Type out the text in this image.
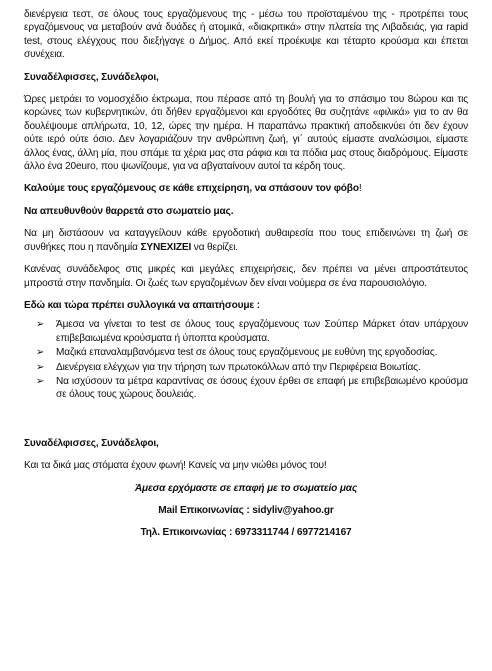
διενέργεια τεστ, σε όλους τους εργαζόμενους της - μέσω του προϊσταμένου της - προτρέπει τους εργαζόμενους να μεταβούν ανά δυάδες ή ατομικά, «διακριτικά» στην πλατεία της Λιβαδειάς, για rapid test, στους ελέγχους που διεξήγαγε ο Δήμος. Από εκεί προέκυψε και τέταρτο κρούσμα και έπεται συνέχεια.

Συναδέλφισσες, Συνάδελφοι,

Ώρες μετράει το νομοσχέδιο έκτρωμα, που πέρασε από τη βουλή για το σπάσιμο του 8ώρου και τις κορώνες των κυβερνητικών, ότι δήθεν εργαζόμενοι και εργοδότες θα συζητάνε «φιλικά» για το αν θα δουλέψουμε απλήρωτα, 10, 12, ώρες την ημέρα. Η παραπάνω πρακτική αποδεικνύει ότι δεν έχουν ούτε ιερό ούτε όσιο. Δεν λογαριάζουν την ανθρώπινη ζωή, γι΄ αυτούς είμαστε αναλώσιμοι, είμαστε άλλος ένας, άλλη μία, που σπάμε τα χέρια μας στα ράφια και τα πόδια μας στους διαδρόμους. Είμαστε άλλο ένα 20euro, που ψωνίζουμε, για να αβγαταίνουν αυτοί τα κέρδη τους.

Καλούμε τους εργαζόμενους σε κάθε επιχείρηση, να σπάσουν τον φόβο!

Να απευθυνθούν θαρρετά στο σωματείο μας.

Να μη διστάσουν να καταγγείλουν κάθε εργοδοτική αυθαιρεσία που τους επιδεινώνει τη ζωή σε συνθήκες που η πανδημία ΣΥΝΕΧΙΖΕΙ να θερίζει.

Κανένας συνάδελφος στις μικρές και μεγάλες επιχειρήσεις, δεν πρέπει να μένει απροστάτευτος μπροστά στην πανδημία. Οι ζωές των εργαζομένων δεν είναι νούμερα σε ένα παρουσιολόγιο.

Εδώ και τώρα πρέπει συλλογικά να απαιτήσουμε :

➢ Άμεσα να γίνεται το test σε όλους τους εργαζόμενους των Σούπερ Μάρκετ όταν υπάρχουν επιβεβαιωμένα κρούσματα ή ύποπτα κρούσματα.
➢ Μαζικά επαναλαμβανόμενα test σε όλους τους εργαζόμενους με ευθύνη της εργοδοσίας.
➢ Διενέργεια ελέγχων για την τήρηση των πρωτοκόλλων από την Περιφέρεια Βοιωτίας.
➢ Να ισχύσουν τα μέτρα καραντίνας σε όσους έχουν έρθει σε επαφή με επιβεβαιωμένο κρούσμα σε όλους τους χώρους δουλειάς.

Συναδέλφισσες, Συνάδελφοι,

Και τα δικά μας στόματα έχουν φωνή! Κανείς να μην νιώθει μόνος του!

Άμεσα ερχόμαστε σε επαφή με το σωματείο μας

Mail Επικοινωνίας : sidyliv@yahoo.gr

Τηλ. Επικοινωνίας : 6973311744 / 6977214167
